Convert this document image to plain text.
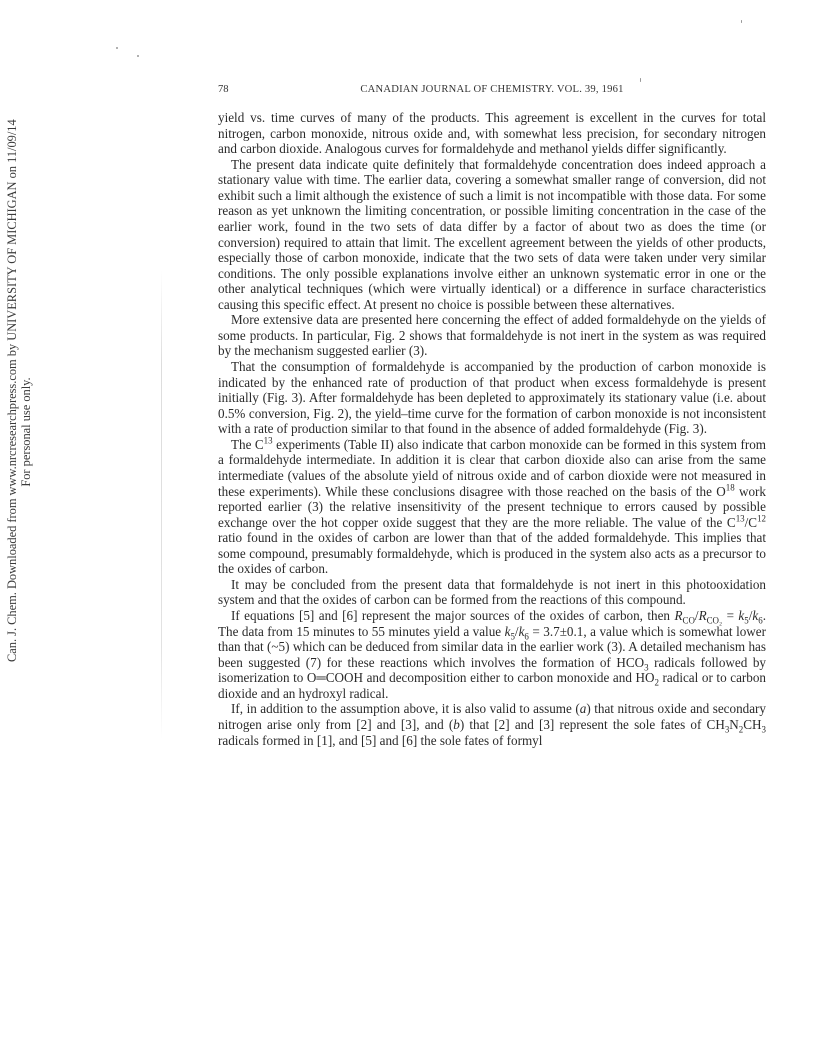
Can. J. Chem. Downloaded from www.nrcresearchpress.com by UNIVERSITY OF MICHIGAN on 11/09/14 For personal use only.
78	CANADIAN JOURNAL OF CHEMISTRY. VOL. 39, 1961

yield vs. time curves of many of the products. This agreement is excellent in the curves for total nitrogen, carbon monoxide, nitrous oxide and, with somewhat less precision, for secondary nitrogen and carbon dioxide. Analogous curves for formaldehyde and methanol yields differ significantly.

The present data indicate quite definitely that formaldehyde concentration does indeed approach a stationary value with time. The earlier data, covering a somewhat smaller range of conversion, did not exhibit such a limit although the existence of such a limit is not incompatible with those data. For some reason as yet unknown the limiting concentration, or possible limiting concentration in the case of the earlier work, found in the two sets of data differ by a factor of about two as does the time (or conversion) required to attain that limit. The excellent agreement between the yields of other products, especially those of carbon monoxide, indicate that the two sets of data were taken under very similar conditions. The only possible explanations involve either an unknown systematic error in one or the other analytical techniques (which were virtually identical) or a difference in surface characteristics causing this specific effect. At present no choice is possible between these alternatives.

More extensive data are presented here concerning the effect of added formaldehyde on the yields of some products. In particular, Fig. 2 shows that formaldehyde is not inert in the system as was required by the mechanism suggested earlier (3).

That the consumption of formaldehyde is accompanied by the production of carbon monoxide is indicated by the enhanced rate of production of that product when excess formaldehyde is present initially (Fig. 3). After formaldehyde has been depleted to approximately its stationary value (i.e. about 0.5% conversion, Fig. 2), the yield–time curve for the formation of carbon monoxide is not inconsistent with a rate of production similar to that found in the absence of added formaldehyde (Fig. 3).

The $C^{13}$ experiments (Table II) also indicate that carbon monoxide can be formed in this system from a formaldehyde intermediate. In addition it is clear that carbon dioxide also can arise from the same intermediate (values of the absolute yield of nitrous oxide and of carbon dioxide were not measured in these experiments). While these conclusions disagree with those reached on the basis of the $O^{18}$ work reported earlier (3) the relative insensitivity of the present technique to errors caused by possible exchange over the hot copper oxide suggest that they are the more reliable. The value of the $C^{13}/C^{12}$ ratio found in the oxides of carbon are lower than that of the added formaldehyde. This implies that some compound, presumably formaldehyde, which is produced in the system also acts as a precursor to the oxides of carbon.

It may be concluded from the present data that formaldehyde is not inert in this photooxidation system and that the oxides of carbon can be formed from the reactions of this compound.

If equations [5] and [6] represent the major sources of the oxides of carbon, then $R_{CO}/R_{CO_2} = k_5/k_6$. The data from 15 minutes to 55 minutes yield a value $k_5/k_6 = 3.7\pm 0.1$, a value which is somewhat lower than that (~5) which can be deduced from similar data in the earlier work (3). A detailed mechanism has been suggested (7) for these reactions which involves the formation of $HCO_3$ radicals followed by isomerization to O═COOH and decomposition either to carbon monoxide and $HO_2$ radical or to carbon dioxide and an hydroxyl radical.

If, in addition to the assumption above, it is also valid to assume (a) that nitrous oxide and secondary nitrogen arise only from [2] and [3], and (b) that [2] and [3] represent the sole fates of $CH_3N_2CH_3$ radicals formed in [1], and [5] and [6] the sole fates of formyl
